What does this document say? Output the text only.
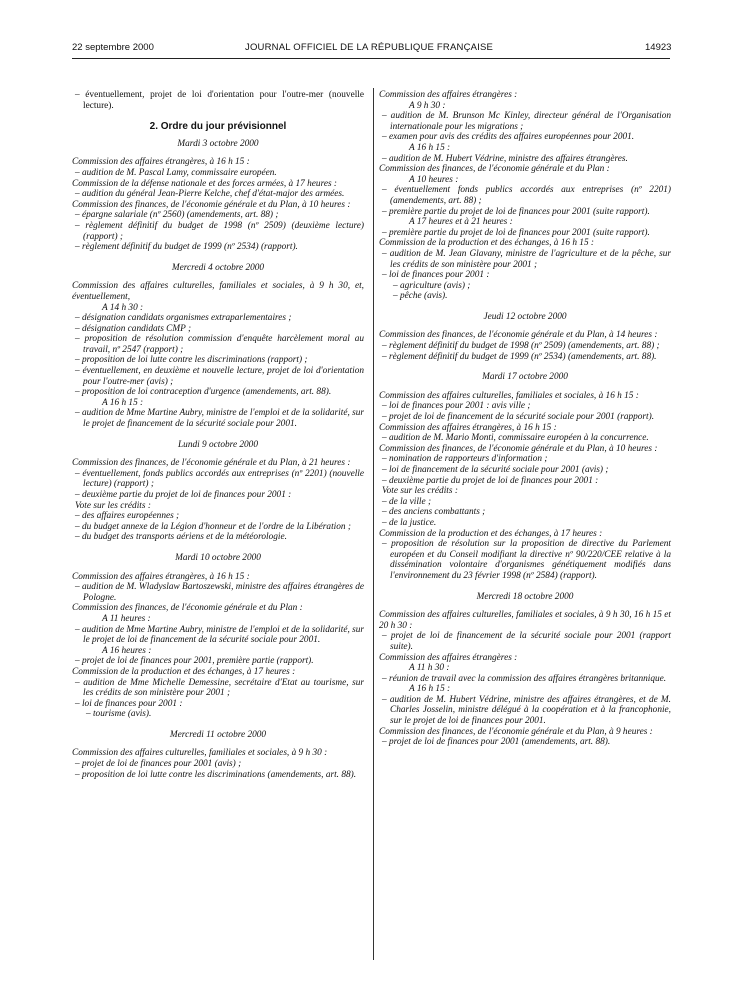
22 septembre 2000	JOURNAL OFFICIEL DE LA RÉPUBLIQUE FRANÇAISE	14923

– éventuellement, projet de loi d'orientation pour l'outre-mer (nouvelle lecture).

2. Ordre du jour prévisionnel

Mardi 3 octobre 2000

Commission des affaires étrangères, à 16 h 15 :

– audition de M. Pascal Lamy, commissaire européen.

Commission de la défense nationale et des forces armées, à 17 heures :

– audition du général Jean-Pierre Kelche, chef d'état-major des armées.

Commission des finances, de l'économie générale et du Plan, à 10 heures :

– épargne salariale (nº 2560) (amendements, art. 88) ;

– règlement définitif du budget de 1998 (nº 2509) (deuxième lecture) (rapport) ;

– règlement définitif du budget de 1999 (nº 2534) (rapport).

Mercredi 4 octobre 2000

Commission des affaires culturelles, familiales et sociales, à 9 h 30, et, éventuellement,

A 14 h 30 :

– désignation candidats organismes extraparlementaires ;

– désignation candidats CMP ;

– proposition de résolution commission d'enquête harcèlement moral au travail, nº 2547 (rapport) ;

– proposition de loi lutte contre les discriminations (rapport) ;

– éventuellement, en deuxième et nouvelle lecture, projet de loi d'orientation pour l'outre-mer (avis) ;

– proposition de loi contraception d'urgence (amendements, art. 88).

A 16 h 15 :

– audition de Mme Martine Aubry, ministre de l'emploi et de la solidarité, sur le projet de financement de la sécurité sociale pour 2001.

Lundi 9 octobre 2000

Commission des finances, de l'économie générale et du Plan, à 21 heures :

– éventuellement, fonds publics accordés aux entreprises (nº 2201) (nouvelle lecture) (rapport) ;

– deuxième partie du projet de loi de finances pour 2001 :

Vote sur les crédits :

– des affaires européennes ;

– du budget annexe de la Légion d'honneur et de l'ordre de la Libération ;

– du budget des transports aériens et de la météorologie.

Mardi 10 octobre 2000

Commission des affaires étrangères, à 16 h 15 :

– audition de M. Wladyslaw Bartoszewski, ministre des affaires étrangères de Pologne.

Commission des finances, de l'économie générale et du Plan :

A 11 heures :

– audition de Mme Martine Aubry, ministre de l'emploi et de la solidarité, sur le projet de loi de financement de la sécurité sociale pour 2001.

A 16 heures :

– projet de loi de finances pour 2001, première partie (rapport).

Commission de la production et des échanges, à 17 heures :

– audition de Mme Michelle Demessine, secrétaire d'Etat au tourisme, sur les crédits de son ministère pour 2001 ;

– loi de finances pour 2001 :

– tourisme (avis).

Mercredi 11 octobre 2000

Commission des affaires culturelles, familiales et sociales, à 9 h 30 :

– projet de loi de finances pour 2001 (avis) ;

– proposition de loi lutte contre les discriminations (amendements, art. 88).

Commission des affaires étrangères :

A 9 h 30 :

– audition de M. Brunson Mc Kinley, directeur général de l'Organisation internationale pour les migrations ;

– examen pour avis des crédits des affaires européennes pour 2001.

A 16 h 15 :

– audition de M. Hubert Védrine, ministre des affaires étrangères.

Commission des finances, de l'économie générale et du Plan :

A 10 heures :

– éventuellement fonds publics accordés aux entreprises (nº 2201) (amendements, art. 88) ;

– première partie du projet de loi de finances pour 2001 (suite rapport).

A 17 heures et à 21 heures :

– première partie du projet de loi de finances pour 2001 (suite rapport).

Commission de la production et des échanges, à 16 h 15 :

– audition de M. Jean Glavany, ministre de l'agriculture et de la pêche, sur les crédits de son ministère pour 2001 ;

– loi de finances pour 2001 :

– agriculture (avis) ;

– pêche (avis).

Jeudi 12 octobre 2000

Commission des finances, de l'économie générale et du Plan, à 14 heures :

– règlement définitif du budget de 1998 (nº 2509) (amendements, art. 88) ;

– règlement définitif du budget de 1999 (nº 2534) (amendements, art. 88).

Mardi 17 octobre 2000

Commission des affaires culturelles, familiales et sociales, à 16 h 15 :

– loi de finances pour 2001 : avis ville ;

– projet de loi de financement de la sécurité sociale pour 2001 (rapport).

Commission des affaires étrangères, à 16 h 15 :

– audition de M. Mario Monti, commissaire européen à la concurrence.

Commission des finances, de l'économie générale et du Plan, à 10 heures :

– nomination de rapporteurs d'information ;

– loi de financement de la sécurité sociale pour 2001 (avis) ;

– deuxième partie du projet de loi de finances pour 2001 :

Vote sur les crédits :

– de la ville ;

– des anciens combattants ;

– de la justice.

Commission de la production et des échanges, à 17 heures :

– proposition de résolution sur la proposition de directive du Parlement européen et du Conseil modifiant la directive nº 90/220/CEE relative à la dissémination volontaire d'organismes génétiquement modifiés dans l'environnement du 23 février 1998 (nº 2584) (rapport).

Mercredi 18 octobre 2000

Commission des affaires culturelles, familiales et sociales, à 9 h 30, 16 h 15 et 20 h 30 :

– projet de loi de financement de la sécurité sociale pour 2001 (rapport suite).

Commission des affaires étrangères :

A 11 h 30 :

– réunion de travail avec la commission des affaires étrangères britannique.

A 16 h 15 :

– audition de M. Hubert Védrine, ministre des affaires étrangères, et de M. Charles Josselin, ministre délégué à la coopération et à la francophonie, sur le projet de loi de finances pour 2001.

Commission des finances, de l'économie générale et du Plan, à 9 heures :

– projet de loi de finances pour 2001 (amendements, art. 88).
